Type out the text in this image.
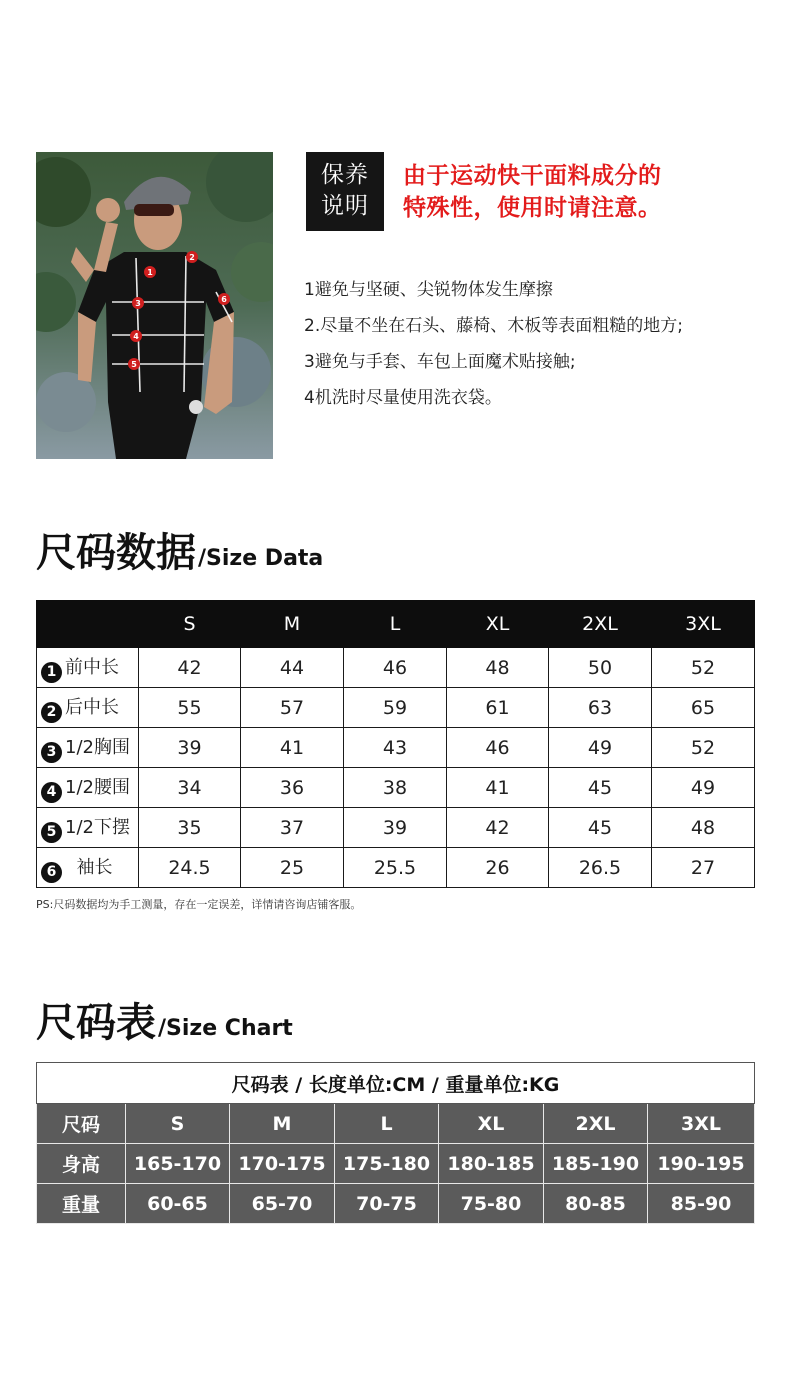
1
2
3
4
5
6
保养
说明
由于运动快干面料成分的
特殊性，使用时请注意。
1避免与坚硬、尖锐物体发生摩擦
2.尽量不坐在石头、藤椅、木板等表面粗糙的地方;
3避免与手套、车包上面魔术贴接触;
4机洗时尽量使用洗衣袋。
尺码数据 /Size Data
	S	M	L	XL	2XL	3XL
1 前中长	42	44	46	48	50	52
2 后中长	55	57	59	61	63	65
3 1/2胸围	39	41	43	46	49	52
4 1/2腰围	34	36	38	41	45	49
5 1/2下摆	35	37	39	42	45	48
6 袖长	24.5	25	25.5	26	26.5	27
PS:尺码数据均为手工测量，存在一定误差，详情请咨询店铺客服。
尺码表 /Size Chart
尺码表 / 长度单位:CM / 重量单位:KG						
尺码	S	M	L	XL	2XL	3XL
身高	165-170	170-175	175-180	180-185	185-190	190-195
重量	60-65	65-70	70-75	75-80	80-85	85-90
